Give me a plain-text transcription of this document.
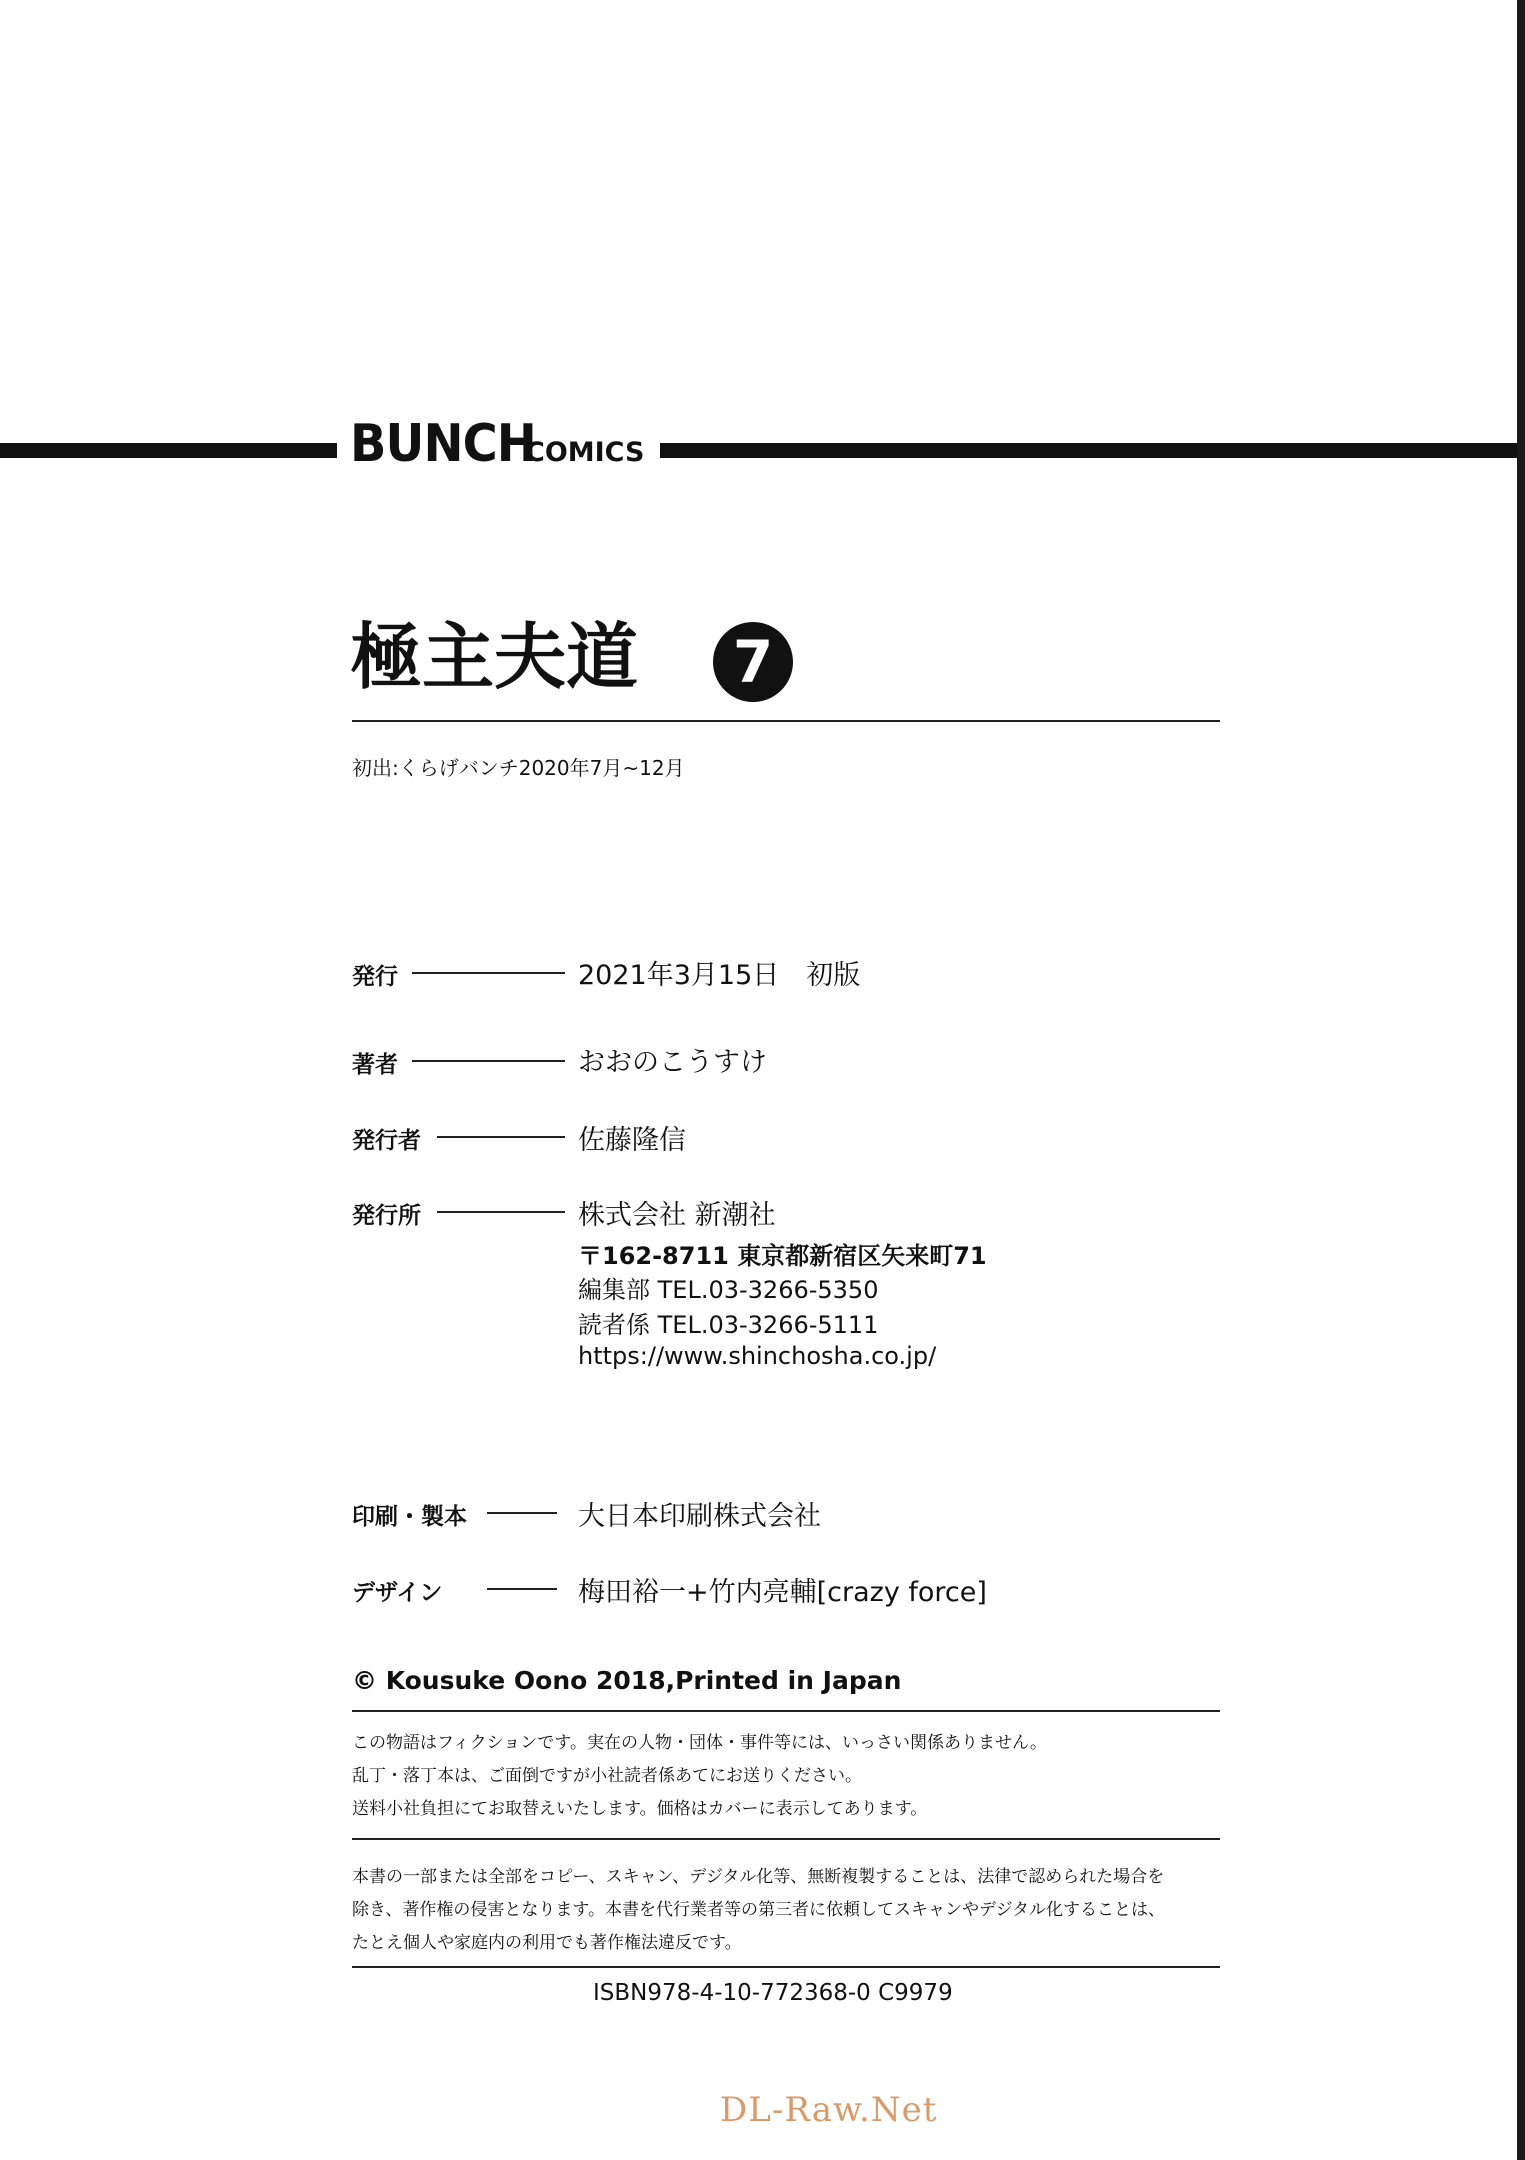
BUNCH
COMICS
極主夫道	7
初出:くらげバンチ2020年7月~12月
発行	2021年3月15日　初版
著者	おおのこうすけ
発行者	佐藤隆信
発行所	株式会社 新潮社
〒162-8711 東京都新宿区矢来町71
編集部 TEL.03-3266-5350
読者係 TEL.03-3266-5111
https://www.shinchosha.co.jp/
印刷・製本	大日本印刷株式会社
デザイン	梅田裕一+竹内亮輔[crazy force]
© Kousuke Oono 2018,Printed in Japan
この物語はフィクションです。実在の人物・団体・事件等には、いっさい関係ありません。
乱丁・落丁本は、ご面倒ですが小社読者係あてにお送りください。
送料小社負担にてお取替えいたします。価格はカバーに表示してあります。
本書の一部または全部をコピー、スキャン、デジタル化等、無断複製することは、法律で認められた場合を
除き、著作権の侵害となります。本書を代行業者等の第三者に依頼してスキャンやデジタル化することは、
たとえ個人や家庭内の利用でも著作権法違反です。
ISBN978-4-10-772368-0 C9979
DL-Raw.Net
